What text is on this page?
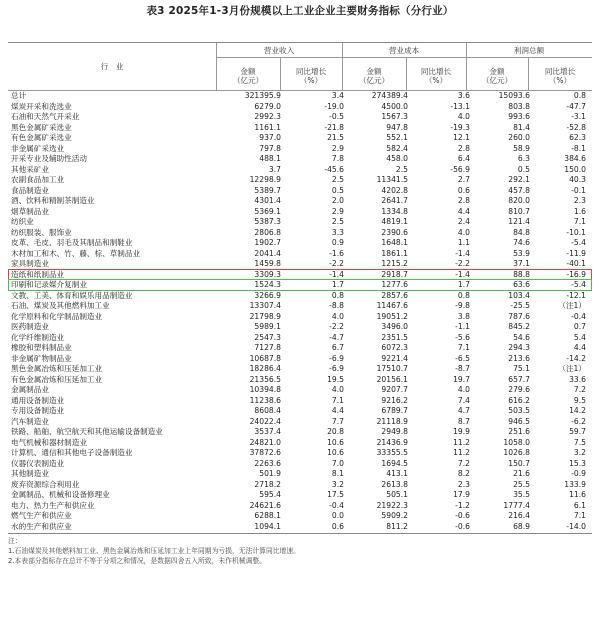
表3 2025年1-3月份规模以上工业企业主要财务指标（分行业）
行　业
营业收入	营业成本	利润总额
金额
（亿元）
同比增长
（%）
金额
（亿元）
同比增长
（%）
金额
（亿元）
同比增长
（%）
总计	321395.9	3.4	274389.4	3.6	15093.6	0.8
煤炭开采和洗选业	6279.0	-19.0	4500.0	-13.1	803.8	-47.7
石油和天然气开采业	2992.3	-0.5	1567.3	4.0	993.6	-3.1
黑色金属矿采选业	1161.1	-21.8	947.8	-19.3	81.4	-52.8
有色金属矿采选业	937.0	21.5	552.1	12.1	260.0	62.3
非金属矿采选业	797.8	2.9	582.4	2.8	58.9	-8.1
开采专业及辅助性活动	488.1	7.8	458.0	6.4	6.3	384.6
其他采矿业	3.7	-45.6	2.5	-56.9	0.5	150.0
农副食品加工业	12298.9	2.5	11341.5	2.7	292.1	40.3
食品制造业	5389.7	0.5	4202.8	0.6	457.8	-0.1
酒、饮料和精制茶制造业	4301.4	2.0	2641.7	2.8	820.0	2.3
烟草制品业	5369.1	2.9	1334.8	4.4	810.7	1.6
纺织业	5387.3	2.5	4819.1	2.4	121.4	7.1
纺织服装、服饰业	2806.8	3.3	2390.6	4.0	84.8	-10.1
皮革、毛皮、羽毛及其制品和制鞋业	1902.7	0.9	1648.1	1.1	74.6	-5.4
木材加工和木、竹、藤、棕、草制品业	2041.4	-1.6	1861.1	-1.4	53.9	-11.9
家具制造业	1459.8	-2.2	1215.2	-2.2	37.1	-40.1
造纸和纸制品业	3309.3	-1.4	2918.7	-1.4	88.8	-16.9
印刷和记录媒介复制业	1524.3	1.7	1277.6	1.7	63.6	-5.4
文教、工美、体育和娱乐用品制造业	3266.9	0.8	2857.6	0.8	103.4	-12.1
石油、煤炭及其他燃料加工业	13307.4	-8.8	11467.6	-9.8	-25.5	（注1）
化学原料和化学制品制造业	21798.9	4.0	19051.2	3.8	787.6	-0.4
医药制造业	5989.1	-2.2	3496.0	-1.1	845.2	0.7
化学纤维制造业	2547.3	-4.7	2351.5	-5.6	54.6	5.4
橡胶和塑料制品业	7127.8	6.7	6072.3	7.1	294.3	4.4
非金属矿物制品业	10687.8	-6.9	9221.4	-6.5	213.6	-14.2
黑色金属冶炼和压延加工业	18286.4	-6.9	17510.7	-8.7	75.1	（注1）
有色金属冶炼和压延加工业	21356.5	19.5	20156.1	19.7	657.7	33.6
金属制品业	10394.8	4.0	9207.7	4.0	279.6	7.2
通用设备制造业	11238.6	7.1	9216.2	7.4	616.2	9.5
专用设备制造业	8608.4	4.4	6789.7	4.7	503.5	14.2
汽车制造业	24022.4	7.7	21118.9	8.7	946.5	-6.2
铁路、船舶、航空航天和其他运输设备制造业	3537.4	20.8	2949.8	19.9	251.6	59.7
电气机械和器材制造业	24821.0	10.6	21436.9	11.2	1058.0	7.5
计算机、通信和其他电子设备制造业	37872.6	10.6	33355.5	11.2	1026.8	3.2
仪器仪表制造业	2263.6	7.0	1694.5	7.2	150.7	15.3
其他制造业	501.9	8.1	413.1	8.2	21.6	-0.9
废弃资源综合利用业	2718.2	3.2	2613.8	2.3	25.5	133.9
金属制品、机械和设备修理业	595.4	17.5	505.1	17.9	35.5	11.6
电力、热力生产和供应业	24621.6	-0.4	21922.3	-1.2	1777.4	6.1
燃气生产和供应业	6288.1	0.0	5909.2	-0.6	216.4	7.1
水的生产和供应业	1094.1	0.6	811.2	-0.6	68.9	-14.0
注：
1.石油煤炭及其他燃料加工业、黑色金属冶炼和压延加工业上年同期为亏损，无法计算同比增速。
2.本表部分指标存在总计不等于分项之和情况，是数据四舍五入所致，未作机械调整。
